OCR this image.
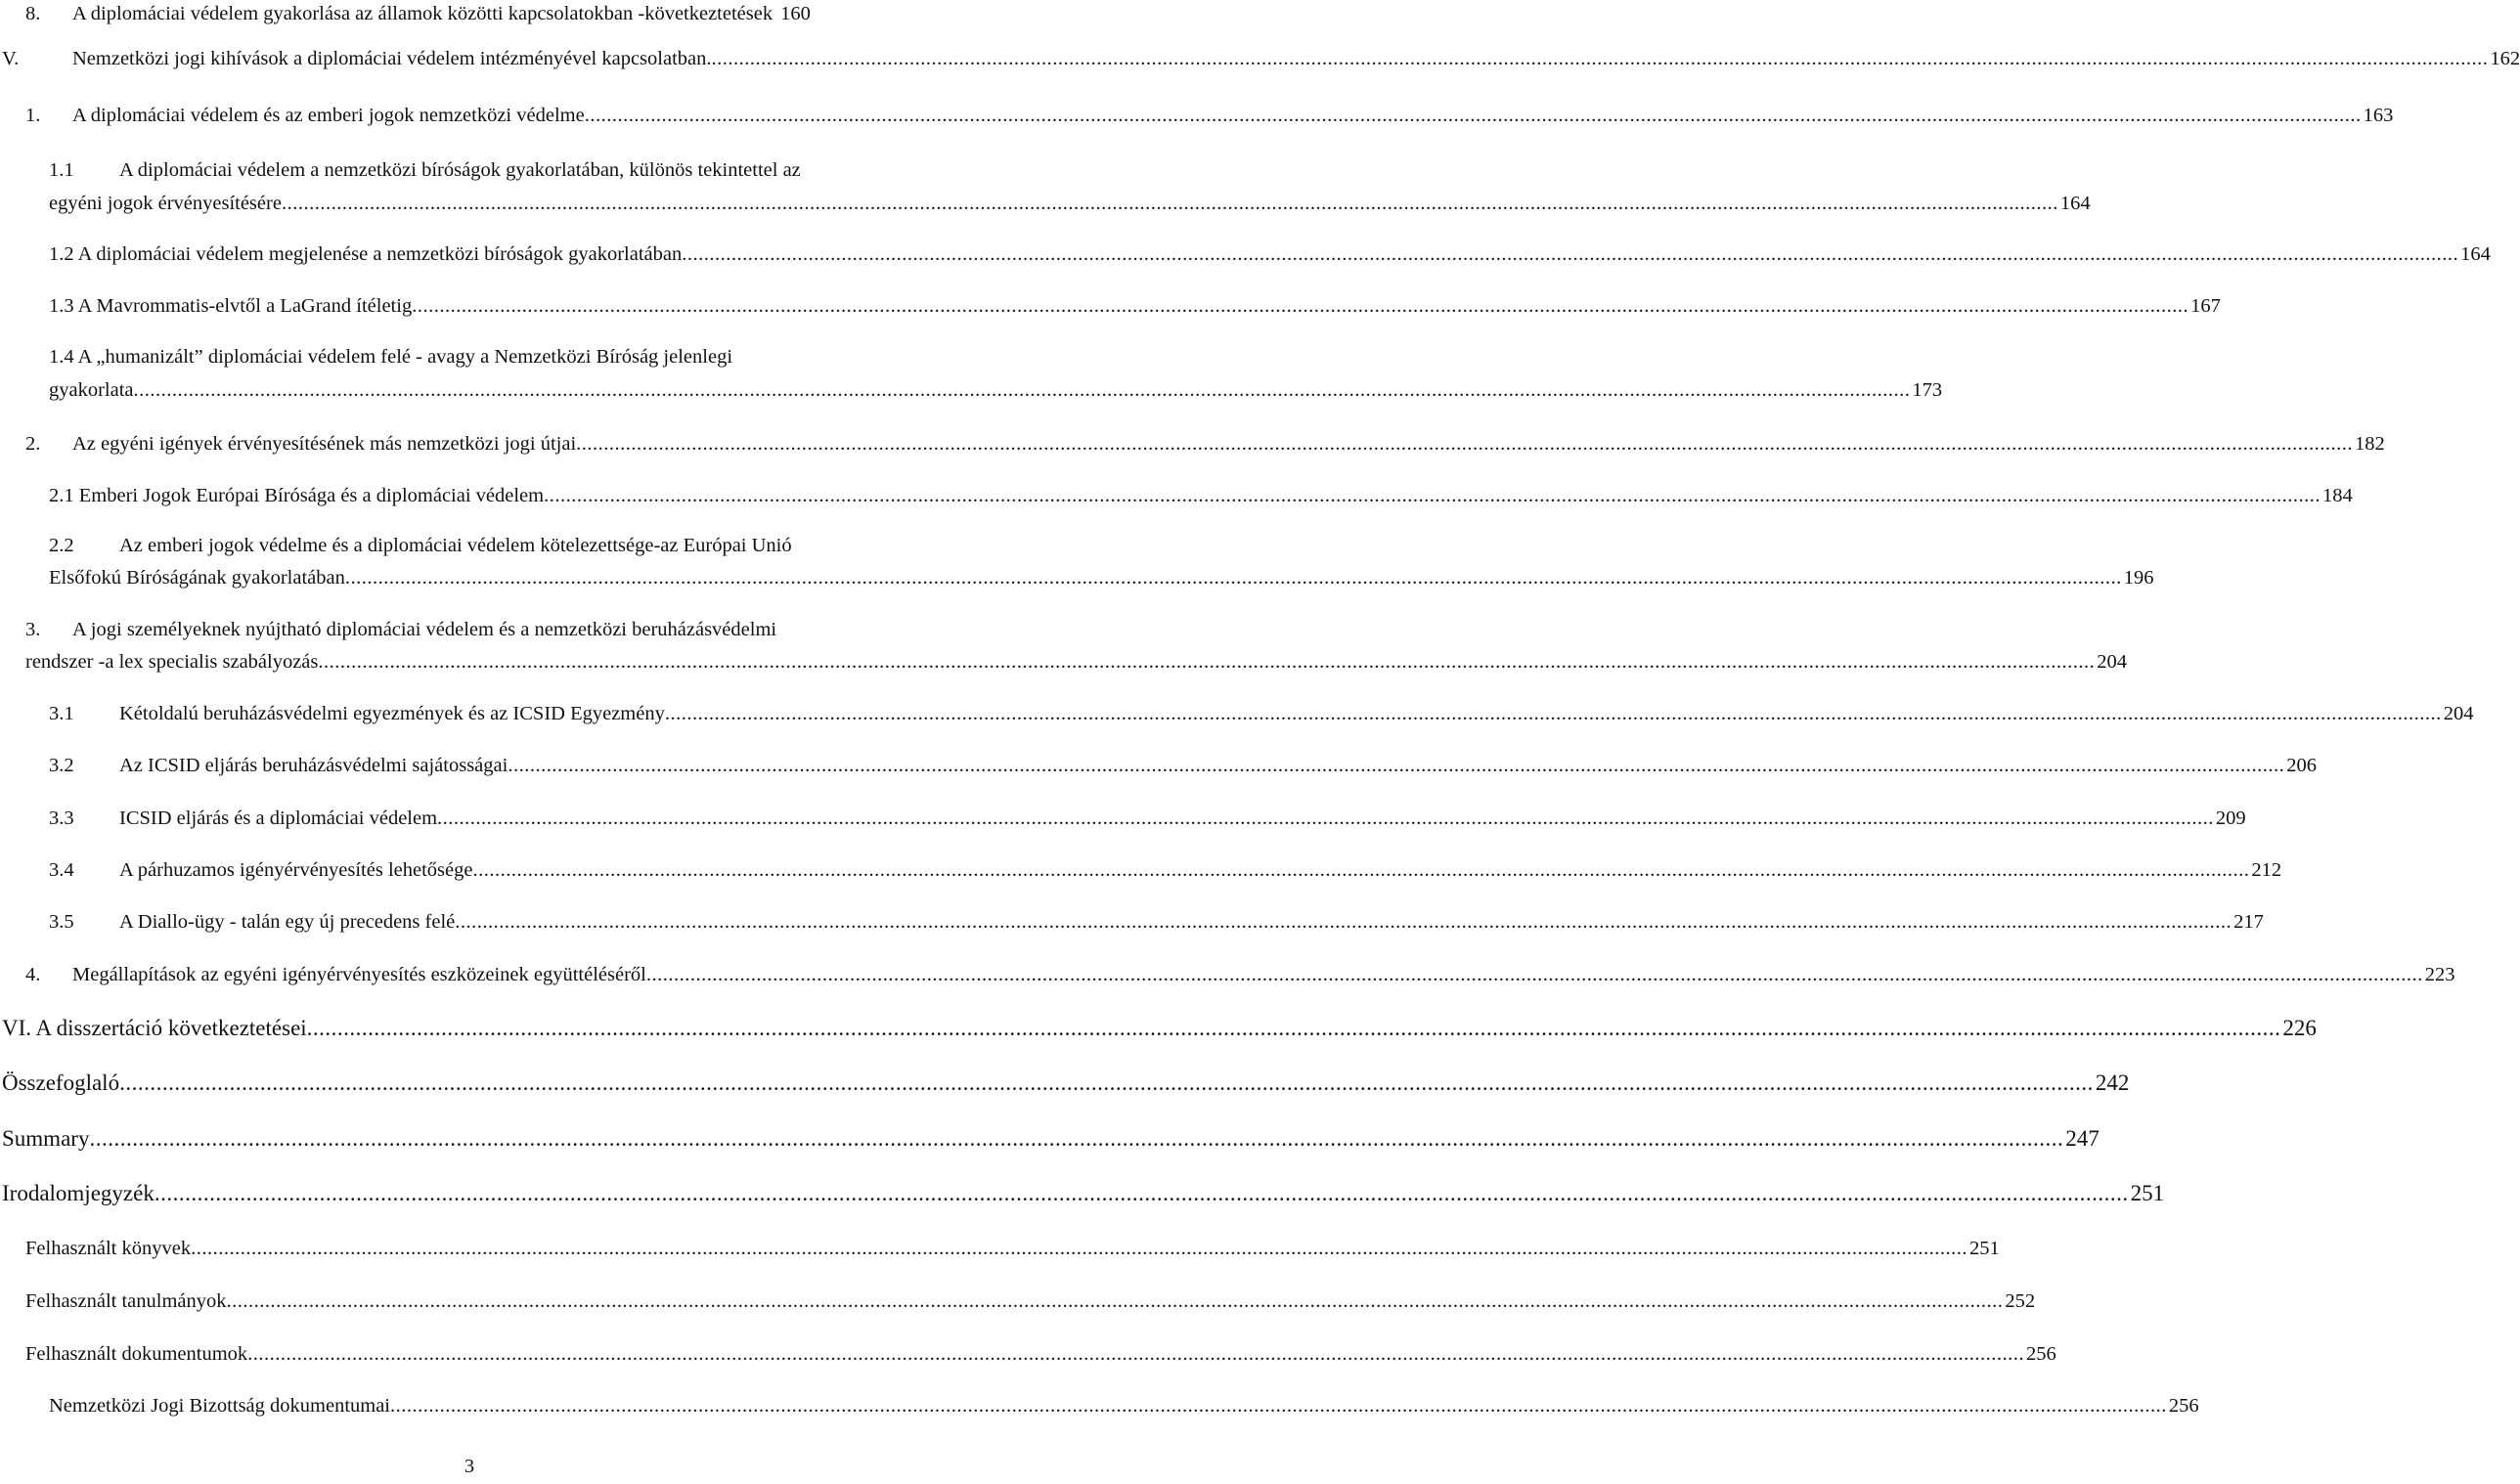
8. A diplomáciai védelem gyakorlása az államok közötti kapcsolatokban -következtetések 160
V.	Nemzetközi jogi kihívások a diplomáciai védelem intézményével kapcsolatban. .....	162
1. A diplomáciai védelem és az emberi jogok nemzetközi védelme .....	163
1.1 A diplomáciai védelem a nemzetközi bíróságok gyakorlatában, különös tekintettel az
egyéni jogok érvényesítésére .....	164
1.2 A diplomáciai védelem megjelenése a nemzetközi bíróságok gyakorlatában .....	164
1.3 A Mavrommatis-elvtől a LaGrand ítéletig .....	167
1.4 A „humanizált” diplomáciai védelem felé - avagy a Nemzetközi Bíróság jelenlegi
gyakorlata .....	173
2. Az egyéni igények érvényesítésének más nemzetközi jogi útjai .....	182
2.1 Emberi Jogok Európai Bírósága és a diplomáciai védelem .....	184
2.2 Az emberi jogok védelme és a diplomáciai védelem kötelezettsége-az Európai Unió
Elsőfokú Bíróságának gyakorlatában .....	196
3. A jogi személyeknek nyújtható diplomáciai védelem és a nemzetközi beruházásvédelmi
rendszer -a lex specialis szabályozás .....	204
3.1 Kétoldalú beruházásvédelmi egyezmények és az ICSID Egyezmény .....	204
3.2 Az ICSID eljárás beruházásvédelmi sajátosságai .....	206
3.3 ICSID eljárás és a diplomáciai védelem .....	209
3.4 A párhuzamos igényérvényesítés lehetősége .....	212
3.5 A Diallo-ügy - talán egy új precedens felé .....	217
4. Megállapítások az egyéni igényérvényesítés eszközeinek együttéléséről .....	223
VI. A disszertáció következtetései .....	226
Összefoglaló .....	242
Summary .....	247
Irodalomjegyzék .....	251
Felhasznált könyvek .....	251
Felhasznált tanulmányok .....	252
Felhasznált dokumentumok .....	256
Nemzetközi Jogi Bizottság dokumentumai .....	256
3
